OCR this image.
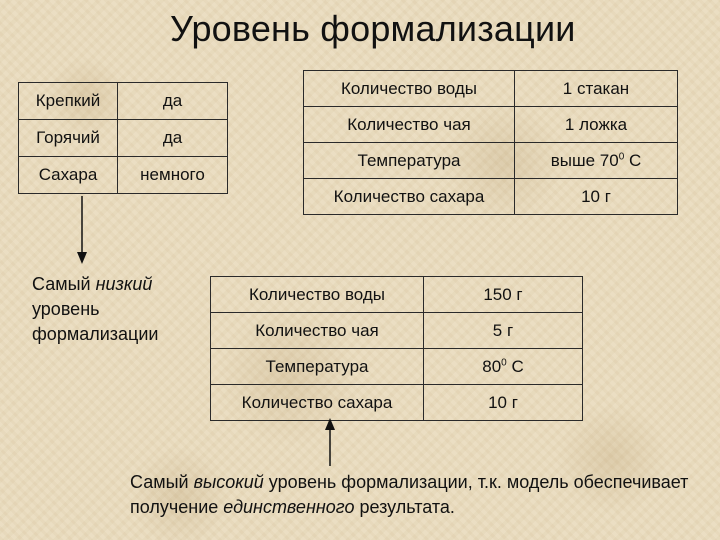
Уровень формализации
Крепкий	да
Горячий	да
Сахара	немного
Количество воды	1 стакан
Количество чая	1 ложка
Температура	выше $70^0$ С
Количество сахара	10 г
Количество воды	150 г
Количество чая	5 г
Температура	$80^0$ С
Количество сахара	10 г
Самый низкий уровень формализации
Самый высокий уровень формализации, т.к. модель обеспечивает получение единственного результата.
